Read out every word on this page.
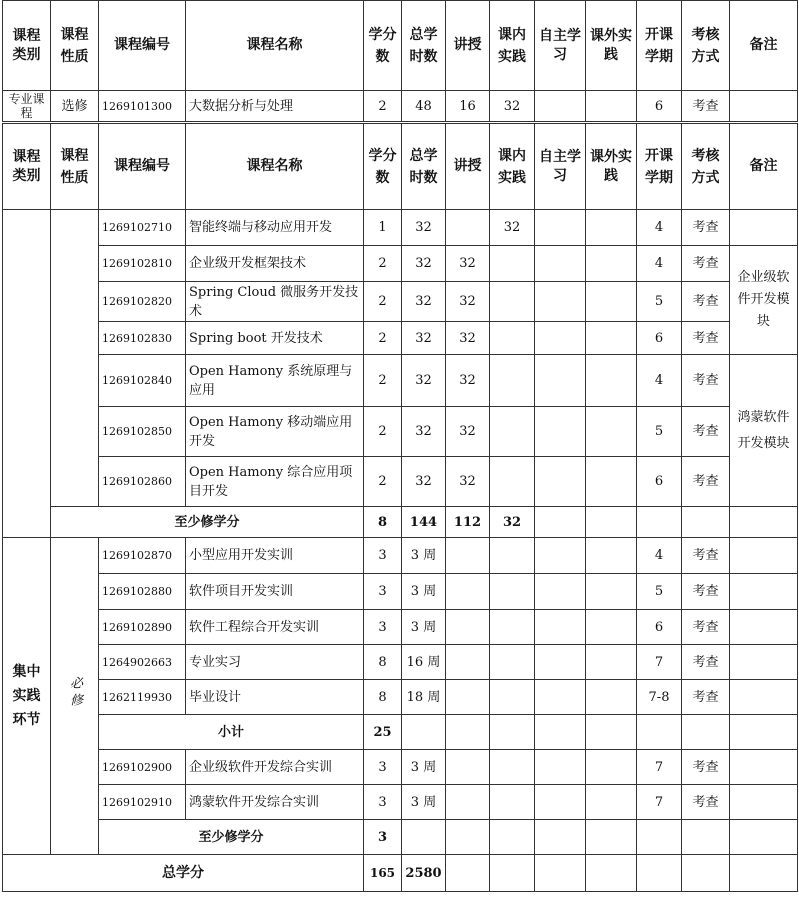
课程类别	课程性质	课程编号	课程名称	学分数	总学时数	讲授	课内实践	自主学习	课外实践	开课学期	考核方式	备注
专业课程	选修	1269101300	大数据分析与处理	2	48	16	32			6	考查	
课程类别	课程性质	课程编号	课程名称	学分数	总学时数	讲授	课内实践	自主学习	课外实践	开课学期	考核方式	备注
		1269102710	智能终端与移动应用开发	1	32		32			4	考查	
		1269102810	企业级开发框架技术	2	32	32				4	考查	企业级软件开发模块
		1269102820	Spring Cloud 微服务开发技术	2	32	32				5	考查	
		1269102830	Spring boot 开发技术	2	32	32				6	考查	
		1269102840	Open Hamony 系统原理与应用	2	32	32				4	考查	鸿蒙软件开发模块
		1269102850	Open Hamony 移动端应用开发	2	32	32				5	考查	
		1269102860	Open Hamony 综合应用项目开发	2	32	32				6	考查	
	至少修学分			8	144	112	32					
集中实践环节	必修	1269102870	小型应用开发实训	3	3 周					4	考查	
		1269102880	软件项目开发实训	3	3 周					5	考查	
		1269102890	软件工程综合开发实训	3	3 周					6	考查	
		1264902663	专业实习	8	16 周					7	考查	
		1262119930	毕业设计	8	18 周					7-8	考查	
		小计		25								
		1269102900	企业级软件开发综合实训	3	3 周					7	考查	
		1269102910	鸿蒙软件开发综合实训	3	3 周					7	考查	
		至少修学分		3								
总学分				165	2580							
